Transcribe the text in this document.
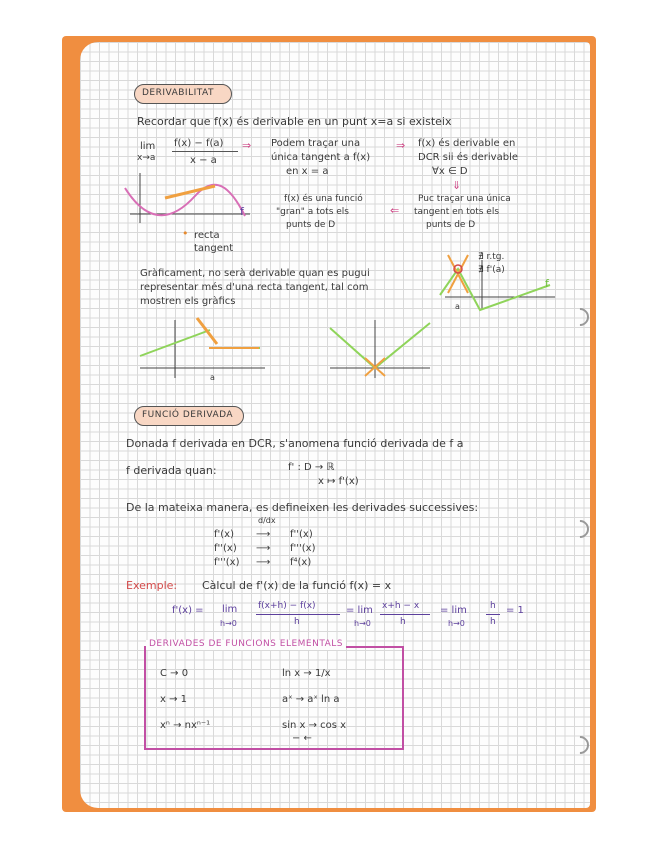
DERIVABILITAT
Recordar que f(x) és derivable en un punt x=a si existeix
lim
x→a
f(x) − f(a)
x − a
⇒ Podem traçar una
única tangent a f(x)
en x = a
⇒ f(x) és derivable en
DCR sii és derivable
∀x ∈ D
⇓
f(x) és una funció
"gran" a tots els
punts de D
⇐
Puc traçar una única
tangent en tots els
punts de D
f
• recta
tangent
Gràficament, no serà derivable quan es pugui
representar més d'una recta tangent, tal com
mostren els gràfics
∄ r.tg.
∄ f'(a)
f
a
a
FUNCIÓ DERIVADA
Donada f derivada en DCR, s'anomena funció derivada de f a
f derivada quan:	f' : D → ℝ
x ↦ f'(x)
De la mateixa manera, es defineixen les derivades successives:
d/dx
f'(x) ⟶ f''(x)
f''(x) ⟶ f'''(x)
f'''(x) ⟶ f⁴(x)
Exemple: Càlcul de f'(x) de la funció f(x) = x
f'(x) = lim
h→0
f(x+h) − f(x)
h
= lim
h→0
x+h − x
h
= lim
h→0
h
h
= 1
DERIVADES DE FUNCIONS ELEMENTALS
C → 0
x → 1
xⁿ → nxⁿ⁻¹
ln x → 1/x
aˣ → aˣ ln a
sin x → cos x
− ←
